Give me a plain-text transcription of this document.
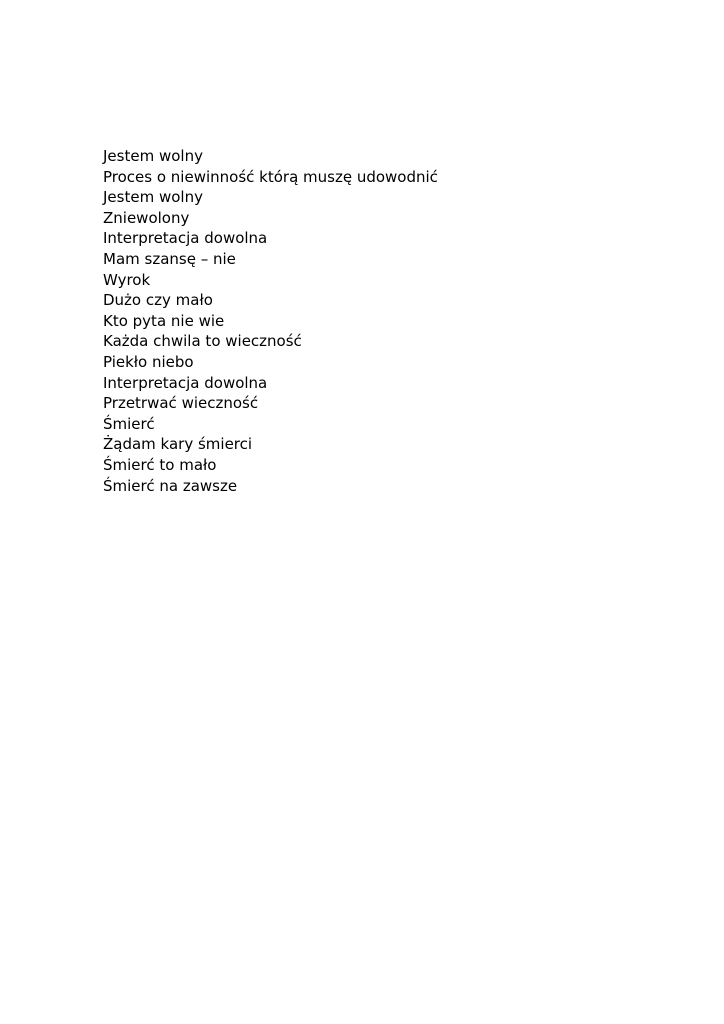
Jestem wolny
Proces o niewinność którą muszę udowodnić
Jestem wolny
Zniewolony
Interpretacja dowolna
Mam szansę – nie
Wyrok
Dużo czy mało
Kto pyta nie wie
Każda chwila to wieczność
Piekło niebo
Interpretacja dowolna
Przetrwać wieczność
Śmierć
Żądam kary śmierci
Śmierć to mało
Śmierć na zawsze
